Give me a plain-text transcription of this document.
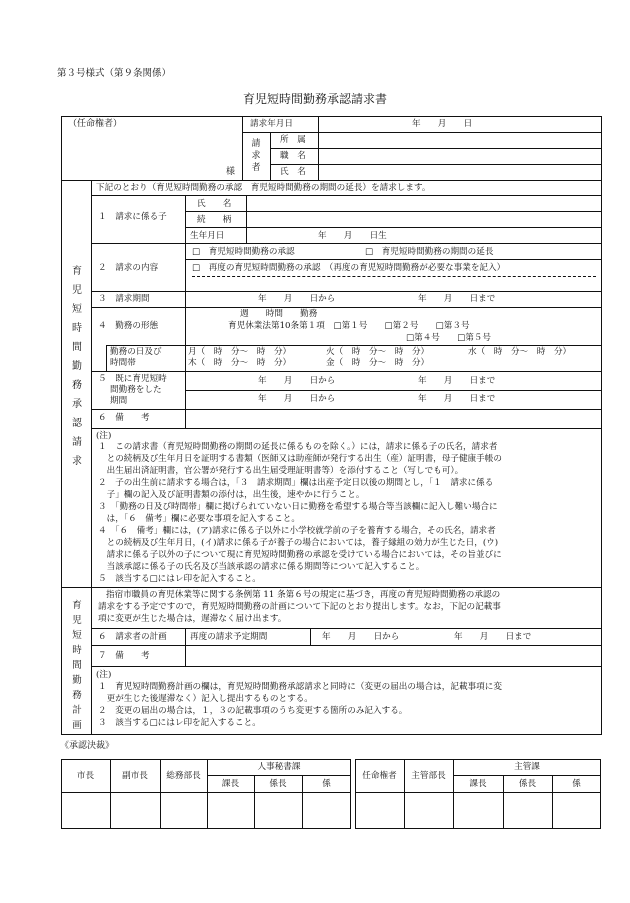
第３号様式（第９条関係）
育児短時間勤務承認請求書
（任命権者）
様
請求年月日	年　　月　　日
請求者
所　属
職　名
氏　名
育児短時間勤務承認請求
下記のとおり（育児短時間勤務の承認　育児短時間勤務の期間の延長）を請求します。
１　請求に係る子
氏　　名
続　　柄
生年月日	年　　月　　日生
２　請求の内容
□　育児短時間勤務の承認	□　育児短時間勤務の期間の延長
□　再度の育児短時間勤務の承認　（再度の育児短時間勤務が必要な事業を記入）
３　請求期間	年　　月　　日から	年　　月　　日まで
４　勤務の形態
週　　時間　　勤務
育児休業法第10条第１項　□第１号　　□第２号　　□第３号
□第４号　　□第５号
勤務の日及び
時間帯
月（　時　分～　時　分）	火（　時　分～　時　分）	水（　時　分～　時　分）
木（　時　分～　時　分）	金（　時　分～　時　分）
５　既に育児短時
間勤務をした
期間
年　　月　　日から	年　　月　　日まで
年　　月　　日から	年　　月　　日まで
６　備　　考
(注)
１　この請求書（育児短時間勤務の期間の延長に係るものを除く。）には，請求に係る子の氏名，請求者
　との続柄及び生年月日を証明する書類（医師又は助産師が発行する出生（産）証明書，母子健康手帳の
　出生届出済証明書，官公署が発行する出生届受理証明書等）を添付すること（写しでも可）。
２　子の出生前に請求する場合は，「３　請求期間」欄は出産予定日以後の期間とし，「１　請求に係る
　子」欄の記入及び証明書類の添付は，出生後，速やかに行うこと。
３　「勤務の日及び時間帯」欄に掲げられていない日に勤務を希望する場合等当該欄に記入し難い場合に
　は，「６　備考」欄に必要な事項を記入すること。
４　「６　備考」欄には，(ア)請求に係る子以外に小学校就学前の子を養育する場合，その氏名，請求者
　との続柄及び生年月日，(イ)請求に係る子が養子の場合においては，養子縁組の効力が生じた日，(ウ)
　請求に係る子以外の子について現に育児短時間勤務の承認を受けている場合においては，その旨並びに
　当該承認に係る子の氏名及び当該承認の請求に係る期間等について記入すること。
５　該当する□にはレ印を記入すること。
育児短時間勤務計画
指宿市職員の育児休業等に関する条例第 11 条第６号の規定に基づき，再度の育児短時間勤務の承認の
請求をする予定ですので，育児短時間勤務の計画について下記のとおり提出します。なお，下記の記載事
項に変更が生じた場合は，遅滞なく届け出ます。
６　請求者の計画	再度の請求予定期間	年　　月　　日から	年　　月　　日まで
７　備　　考
(注)
１　育児短時間勤務計画の欄は，育児短時間勤務承認請求と同時に（変更の届出の場合は，記載事項に変
　更が生じた後遅滞なく）記入し提出するものとする。
２　変更の届出の場合は，１，３の記載事項のうち変更する箇所のみ記入する。
３　該当する□にはレ印を記入すること。
《承認決裁》
市長	副市長	総務部長
人事秘書課
課長	係長	係
任命権者	主管部長
主管課
課長	係長	係
